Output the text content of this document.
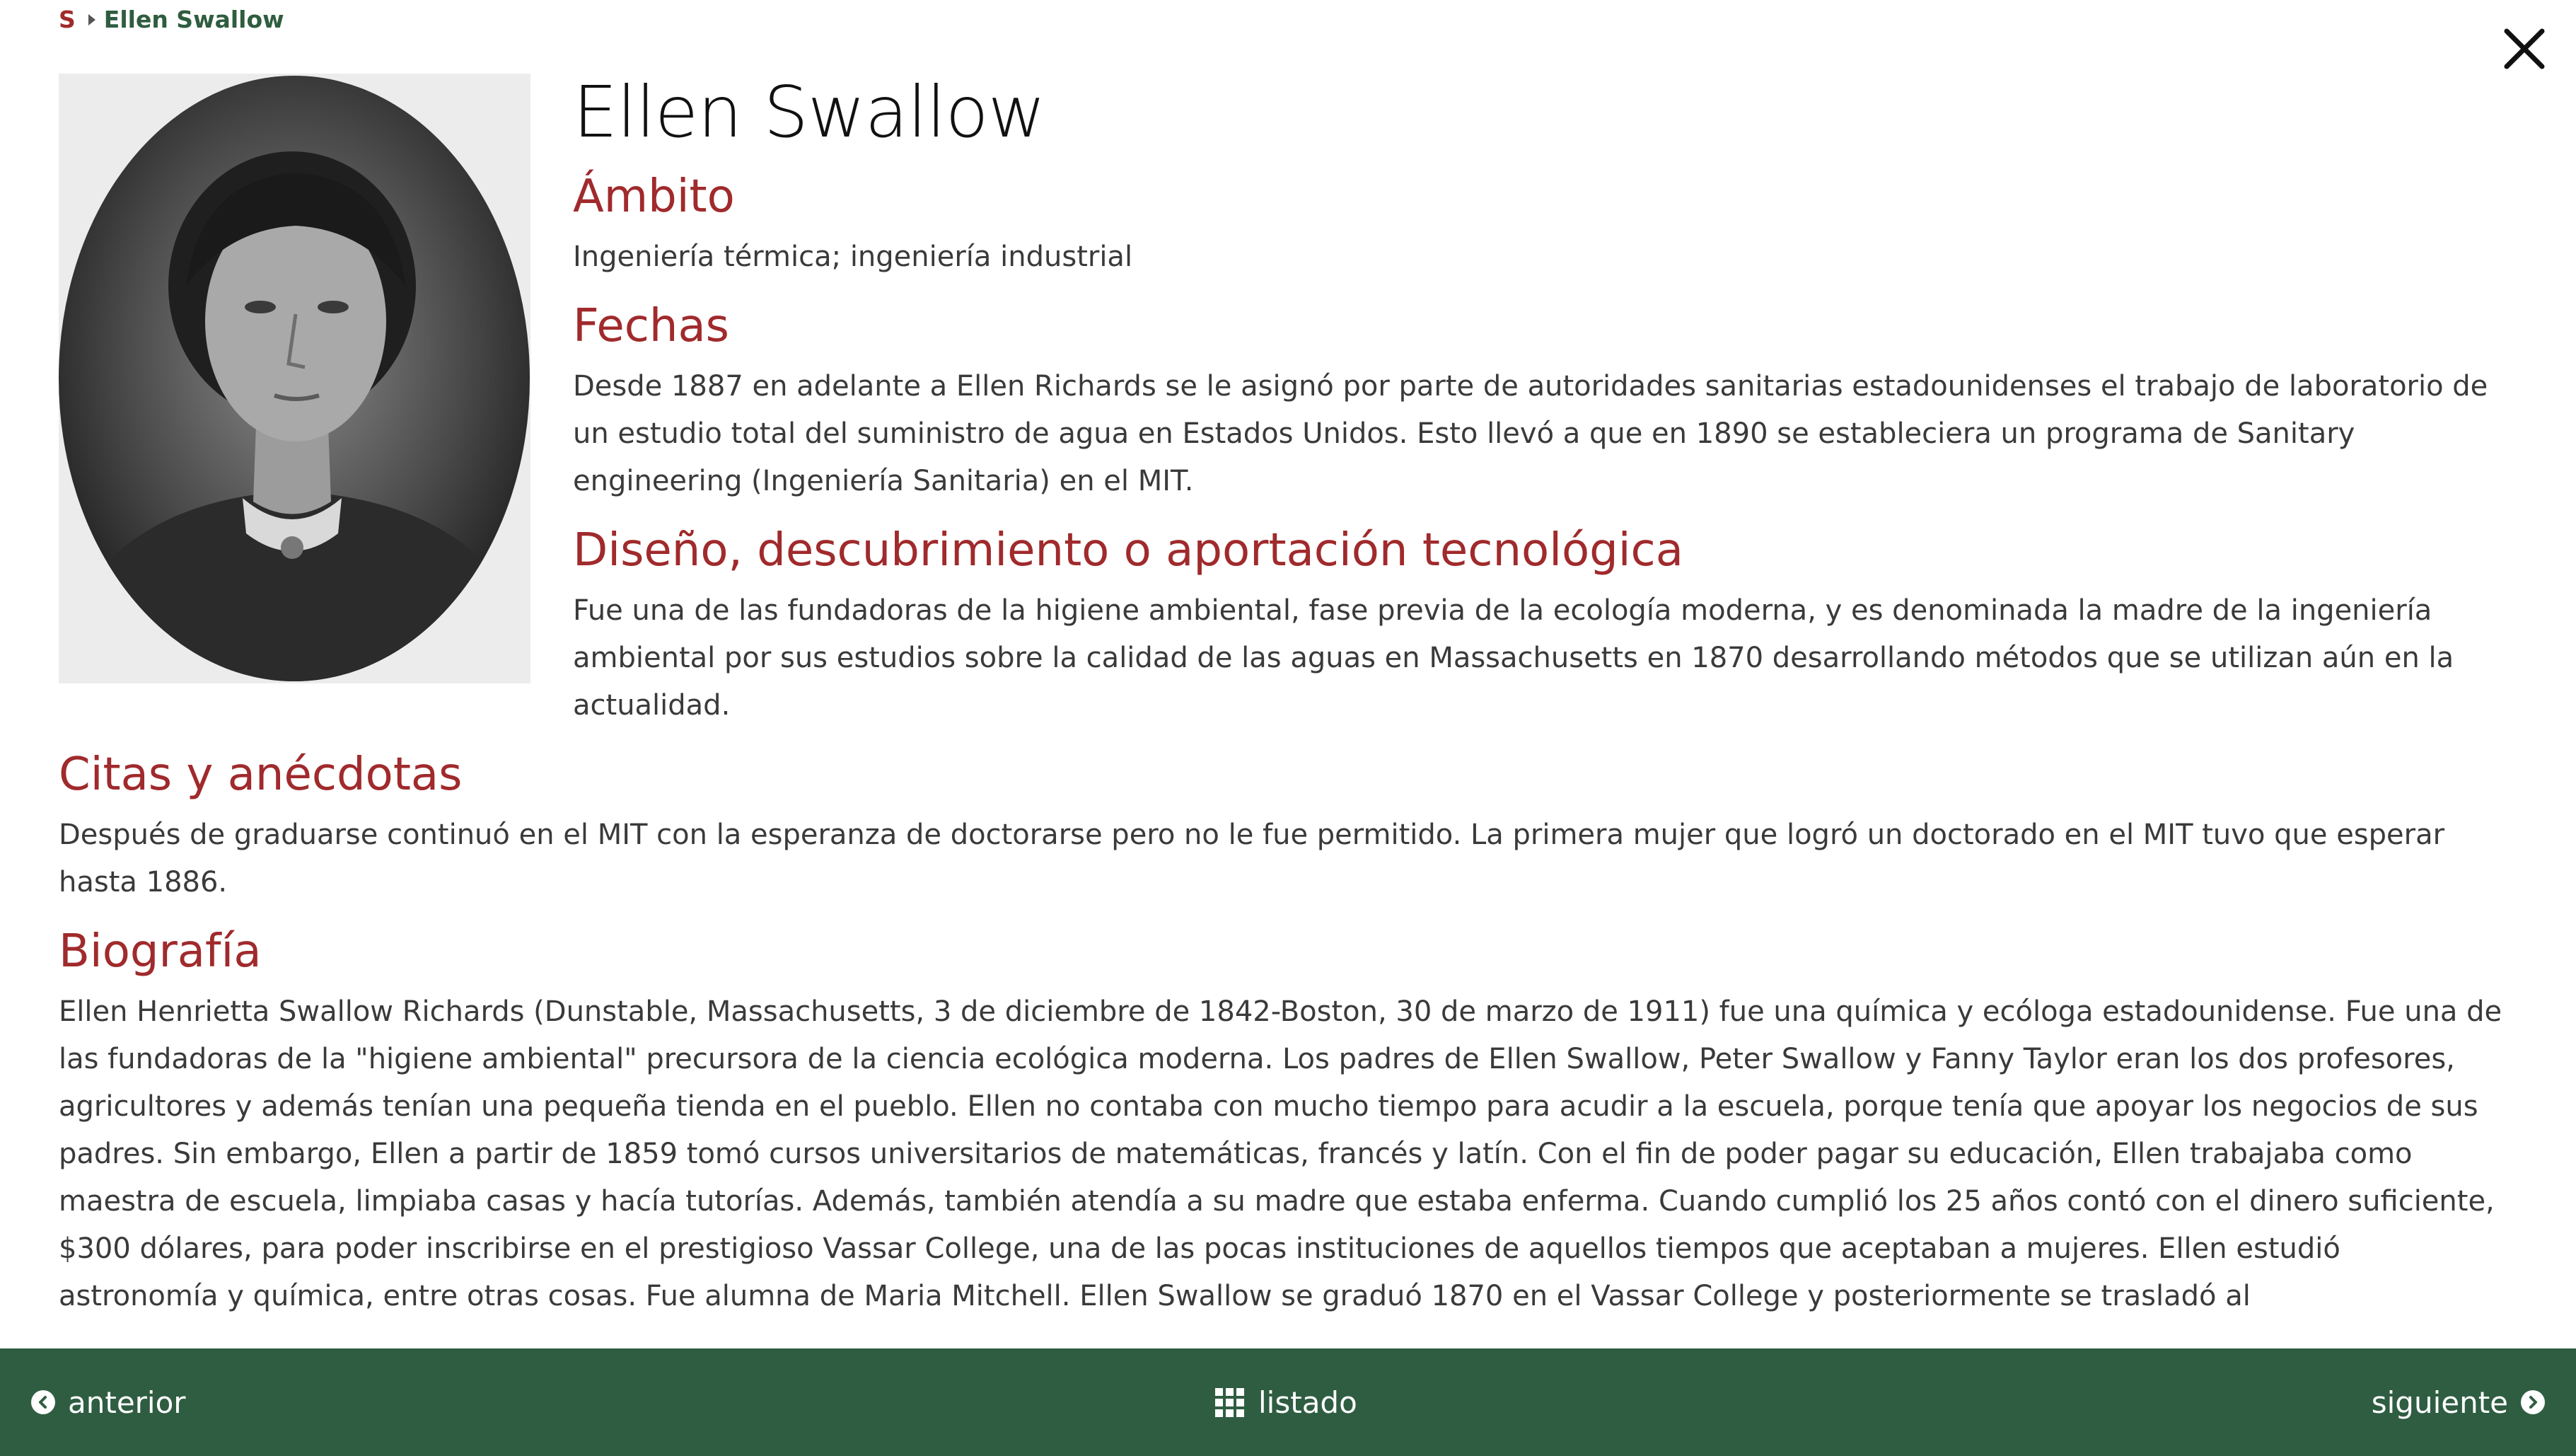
S Ellen Swallow
Ellen Swallow
Ámbito

Ingeniería térmica; ingeniería industrial

Fechas

Desde 1887 en adelante a Ellen Richards se le asignó por parte de autoridades sanitarias estadounidenses el trabajo de laboratorio de un estudio total del suministro de agua en Estados Unidos. Esto llevó a que en 1890 se estableciera un programa de Sanitary engineering (Ingeniería Sanitaria) en el MIT.

Diseño, descubrimiento o aportación tecnológica

Fue una de las fundadoras de la higiene ambiental, fase previa de la ecología moderna, y es denominada la madre de la ingeniería ambiental por sus estudios sobre la calidad de las aguas en Massachusetts en 1870 desarrollando métodos que se utilizan aún en la actualidad.

Citas y anécdotas

Después de graduarse continuó en el MIT con la esperanza de doctorarse pero no le fue permitido. La primera mujer que logró un doctorado en el MIT tuvo que esperar hasta 1886.

Biografía

Ellen Henrietta Swallow Richards (Dunstable, Massachusetts, 3 de diciembre de 1842-Boston, 30 de marzo de 1911) fue una química y ecóloga estadounidense. Fue una de las fundadoras de la "higiene ambiental" precursora de la ciencia ecológica moderna. Los padres de Ellen Swallow, Peter Swallow y Fanny Taylor eran los dos profesores, agricultores y además tenían una pequeña tienda en el pueblo. Ellen no contaba con mucho tiempo para acudir a la escuela, porque tenía que apoyar los negocios de sus padres. Sin embargo, Ellen a partir de 1859 tomó cursos universitarios de matemáticas, francés y latín. Con el fin de poder pagar su educación, Ellen trabajaba como maestra de escuela, limpiaba casas y hacía tutorías. Además, también atendía a su madre que estaba enferma. Cuando cumplió los 25 años contó con el dinero suficiente, $300 dólares, para poder inscribirse en el prestigioso Vassar College, una de las pocas instituciones de aquellos tiempos que aceptaban a mujeres. Ellen estudió astronomía y química, entre otras cosas. Fue alumna de Maria Mitchell. Ellen Swallow se graduó 1870 en el Vassar College y posteriormente se trasladó al

anterior	listado	siguiente
